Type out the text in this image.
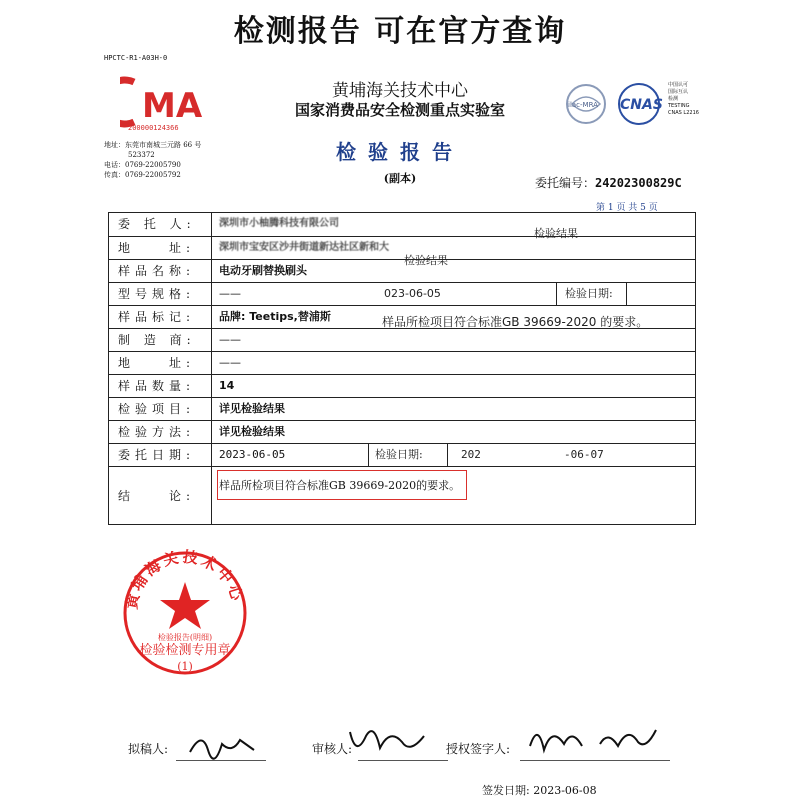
检测报告 可在官方查询
HPCTC-R1-A03H-0
MA
200000124366
地址：东莞市南城三元路 66 号
523372
电话：0769-22005790
传真：0769-22005792
黄埔海关技术中心
国家消费品安全检测重点实验室
检验报告
(副本)
ilac-MRA CNAS
中国认可
国际互认
检测
TESTING
CNAS L2216
委托编号：24202300829C
第 1 页 共 5 页
委 托 人:	深圳市小柚腾科技有限公司
检验结果
地　　址:	深圳市宝安区沙井街道新达社区新和大
检验结果
样品名称:	电动牙刷替换刷头
型号规格:	——	023-06-05	检验日期:
样品标记:	品牌: Teetips,替浦斯	样品所检项目符合标准GB 39669-2020 的要求。
制 造 商:	——
地　　址:	——
样品数量:	14
检验项目:	详见检验结果
检验方法:	详见检验结果
委托日期:	2023-06-05	检验日期:	202	-06-07
结　　论:
样品所检项目符合标准GB 39669-2020的要求。
黄埔海关技术中心
检验报告(明细)
检验检测专用章
(1)
拟稿人:	审核人:	授权签字人:
签发日期: 2023-06-08
